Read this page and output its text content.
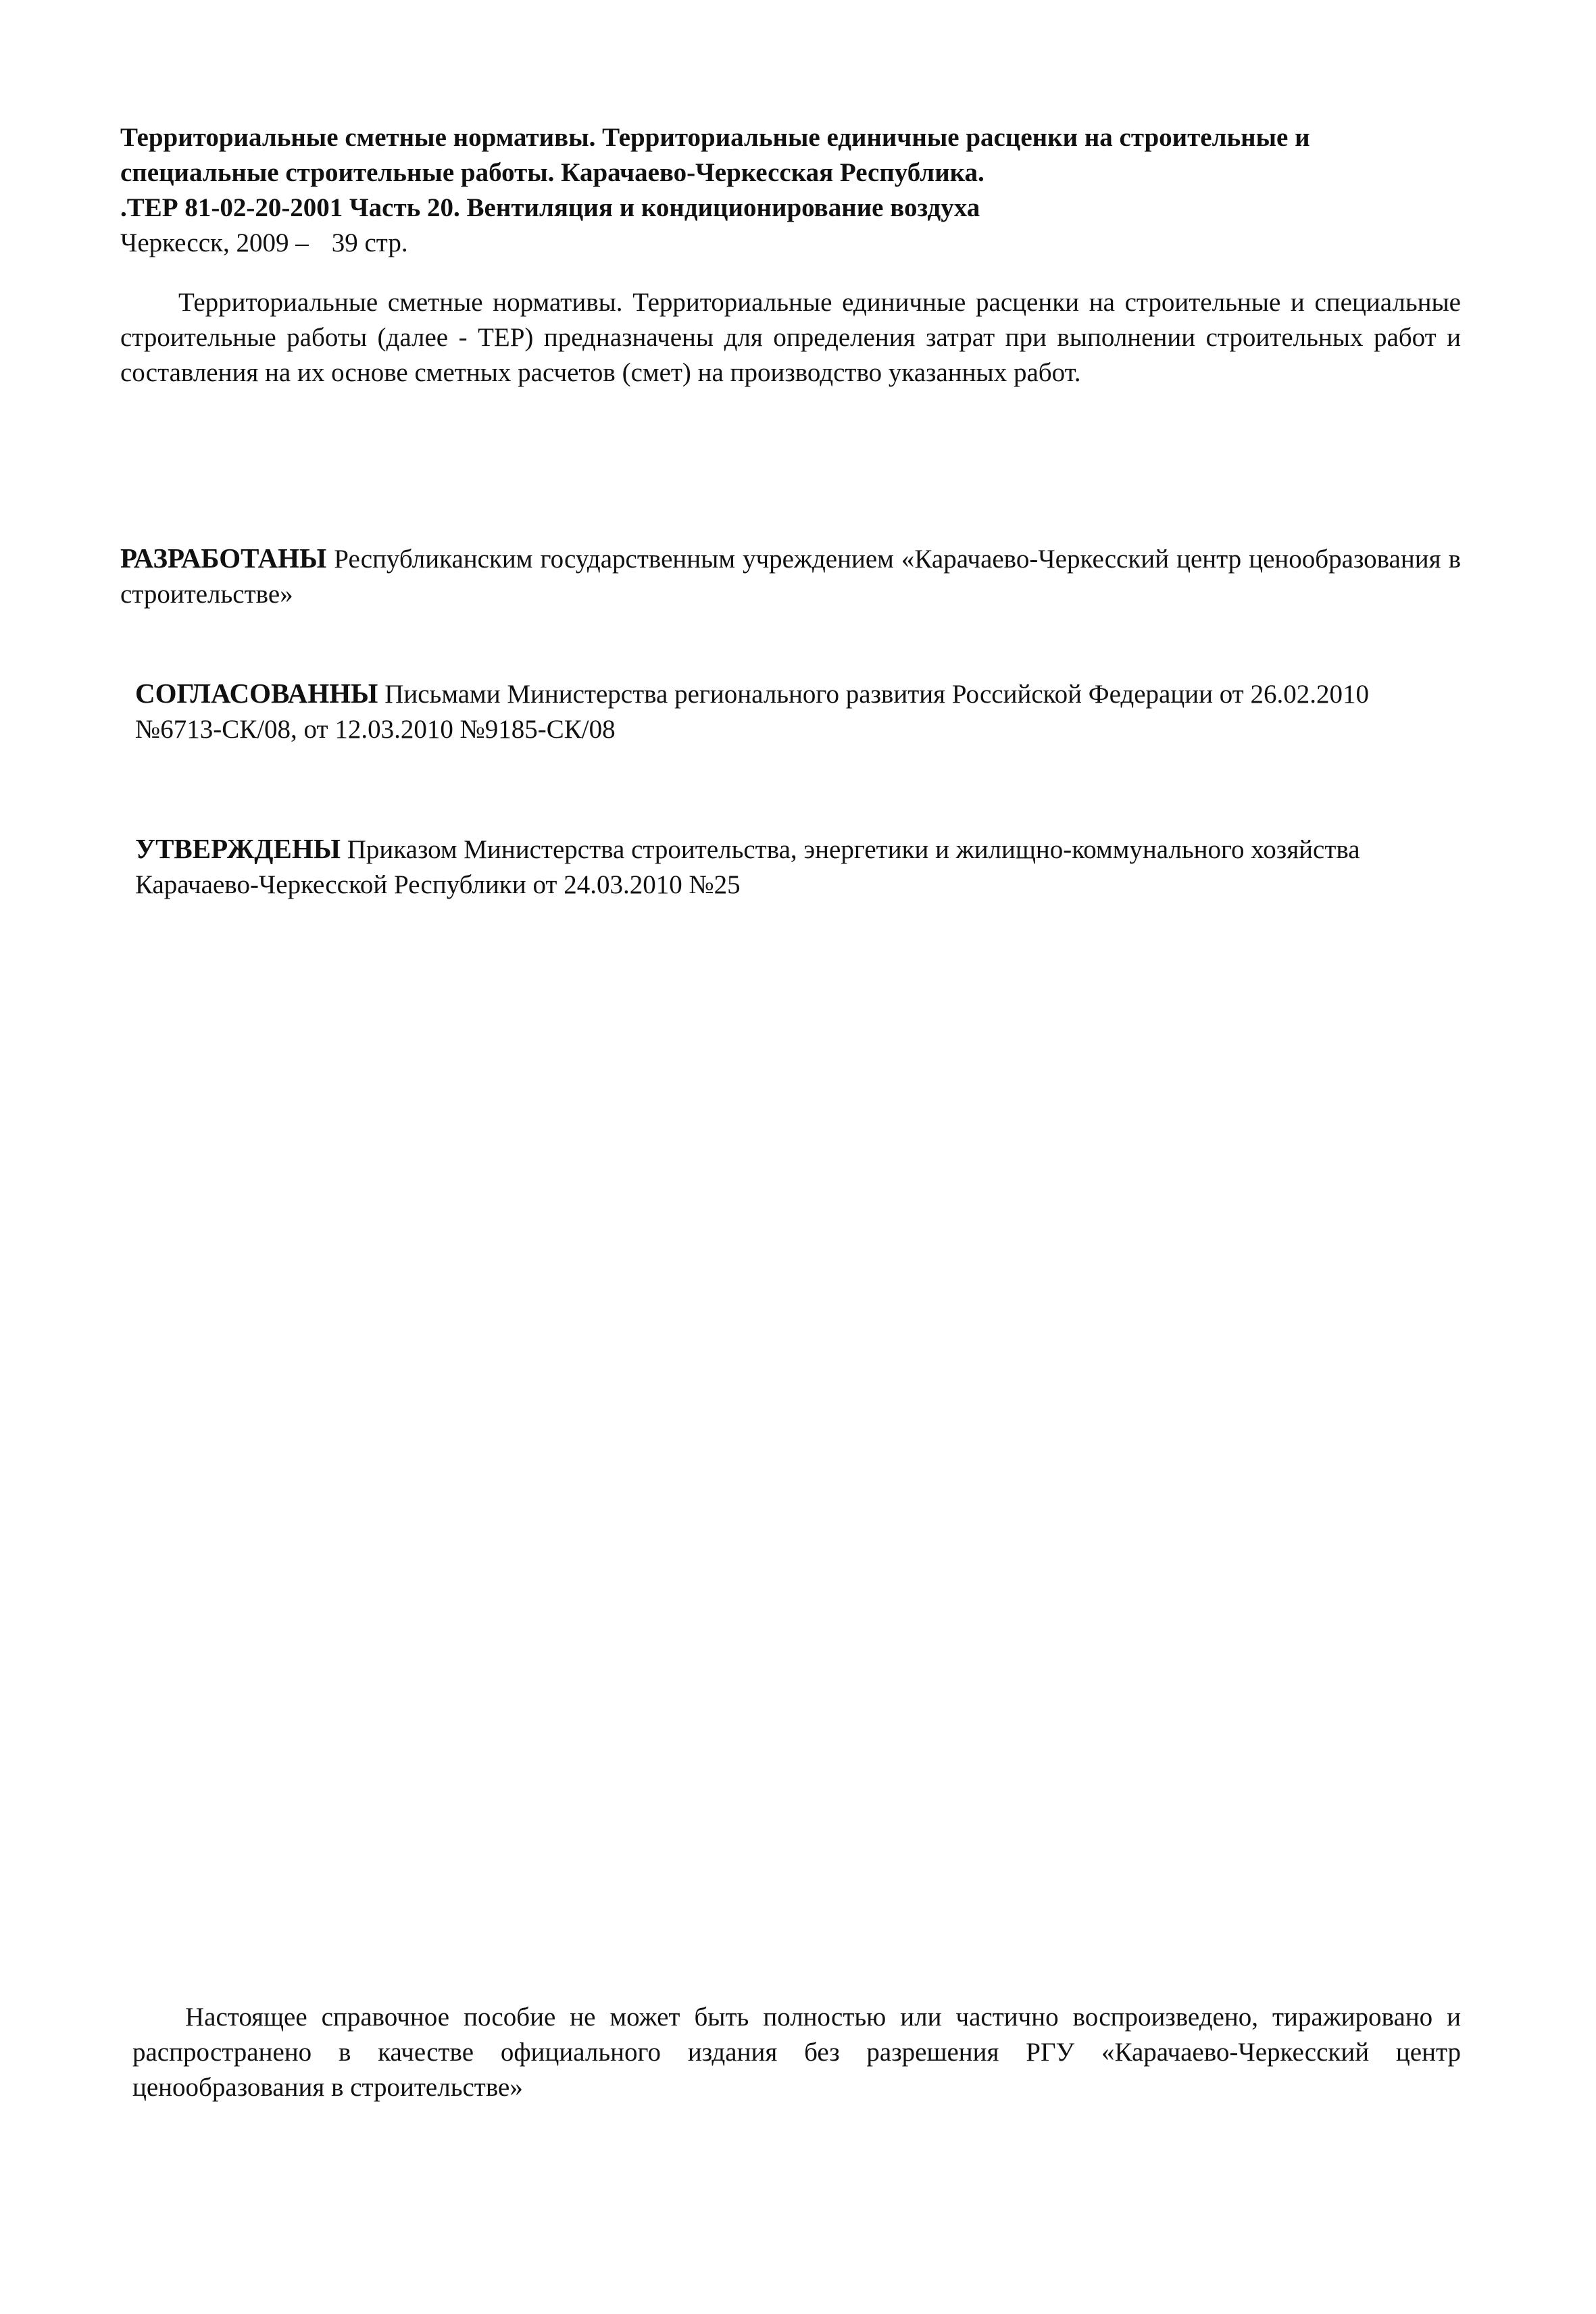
Территориальные сметные нормативы. Территориальные единичные расценки на строительные и
специальные строительные работы. Карачаево-Черкесская Республика.
.ТЕР 81-02-20-2001 Часть 20. Вентиляция и кондиционирование воздуха
Черкесск, 2009 – 39 стр.
Территориальные сметные нормативы. Территориальные единичные расценки на строительные и специальные строительные работы (далее - ТЕР) предназначены для определения затрат при выполнении строительных работ и составления на их основе сметных расчетов (смет) на производство указанных работ.
РАЗРАБОТАНЫ Республиканским государственным учреждением «Карачаево-Черкесский центр ценообразования в строительстве»
СОГЛАСОВАННЫ Письмами Министерства регионального развития Российской Федерации от 26.02.2010 №6713-СК/08, от 12.03.2010 №9185-СК/08
УТВЕРЖДЕНЫ Приказом Министерства строительства, энергетики и жилищно-коммунального хозяйства Карачаево-Черкесской Республики от 24.03.2010 №25
Настоящее справочное пособие не может быть полностью или частично воспроизведено, тиражировано и распространено в качестве официального издания без разрешения РГУ «Карачаево-Черкесский центр ценообразования в строительстве»
